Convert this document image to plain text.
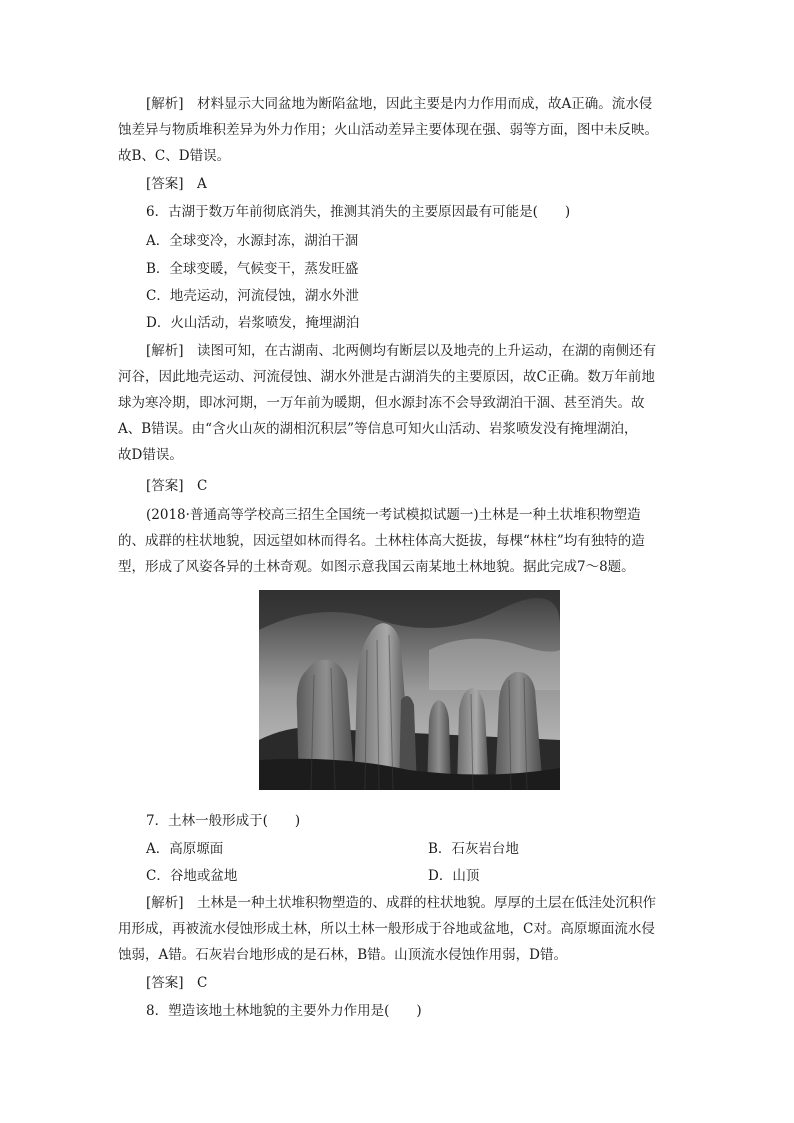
[解析]　材料显示大同盆地为断陷盆地，因此主要是内力作用而成，故A正确。流水侵
蚀差异与物质堆积差异为外力作用；火山活动差异主要体现在强、弱等方面，图中未反映。
故B、C、D错误。
[答案]　A
6．古湖于数万年前彻底消失，推测其消失的主要原因最有可能是(　　)
A．全球变冷，水源封冻，湖泊干涸
B．全球变暖，气候变干，蒸发旺盛
C．地壳运动，河流侵蚀，湖水外泄
D．火山活动，岩浆喷发，掩埋湖泊
[解析]　读图可知，在古湖南、北两侧均有断层以及地壳的上升运动，在湖的南侧还有
河谷，因此地壳运动、河流侵蚀、湖水外泄是古湖消失的主要原因，故C正确。数万年前地
球为寒冷期，即冰河期，一万年前为暖期，但水源封冻不会导致湖泊干涸、甚至消失。故
A、B错误。由“含火山灰的湖相沉积层”等信息可知火山活动、岩浆喷发没有掩埋湖泊，
故D错误。
[答案]　C
(2018·普通高等学校高三招生全国统一考试模拟试题一)土林是一种土状堆积物塑造
的、成群的柱状地貌，因远望如林而得名。土林柱体高大挺拔，每棵“林柱”均有独特的造
型，形成了风姿各异的土林奇观。如图示意我国云南某地土林地貌。据此完成7～8题。
7．土林一般形成于(　　)
A．高原塬面	B．石灰岩台地
C．谷地或盆地	D．山顶
[解析]　土林是一种土状堆积物塑造的、成群的柱状地貌。厚厚的土层在低洼处沉积作
用形成，再被流水侵蚀形成土林，所以土林一般形成于谷地或盆地，C对。高原塬面流水侵
蚀弱，A错。石灰岩台地形成的是石林，B错。山顶流水侵蚀作用弱，D错。
[答案]　C
8．塑造该地土林地貌的主要外力作用是(　　)
